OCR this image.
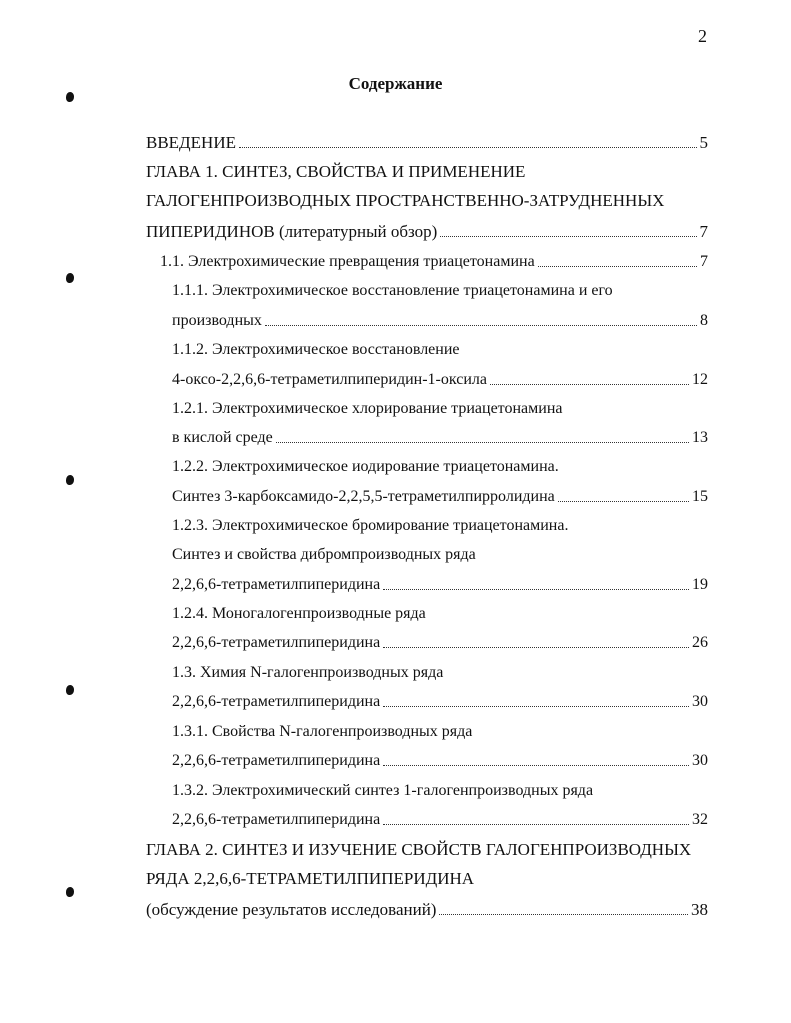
2
Содержание
ВВЕДЕНИЕ	5
ГЛАВА 1. СИНТЕЗ, СВОЙСТВА И ПРИМЕНЕНИЕ
ГАЛОГЕНПРОИЗВОДНЫХ ПРОСТРАНСТВЕННО-ЗАТРУДНЕННЫХ
ПИПЕРИДИНОВ (литературный обзор)	7
1.1. Электрохимические превращения триацетонамина	7
1.1.1. Электрохимическое восстановление триацетонамина и его
производных	8
1.1.2. Электрохимическое восстановление
4-оксо-2,2,6,6-тетраметилпиперидин-1-оксила	12
1.2.1. Электрохимическое хлорирование триацетонамина
в кислой среде	13
1.2.2. Электрохимическое иодирование триацетонамина.
Синтез 3-карбоксамидо-2,2,5,5-тетраметилпирролидина	15
1.2.3. Электрохимическое бромирование триацетонамина.
Синтез и свойства дибромпроизводных ряда
2,2,6,6-тетраметилпиперидина	19
1.2.4. Моногалогенпроизводные ряда
2,2,6,6-тетраметилпиперидина	26
1.3. Химия N-галогенпроизводных ряда
2,2,6,6-тетраметилпиперидина	30
1.3.1. Свойства N-галогенпроизводных ряда
2,2,6,6-тетраметилпиперидина	30
1.3.2. Электрохимический синтез 1-галогенпроизводных ряда
2,2,6,6-тетраметилпиперидина	32
ГЛАВА 2. СИНТЕЗ И ИЗУЧЕНИЕ СВОЙСТВ ГАЛОГЕНПРОИЗВОДНЫХ
РЯДА 2,2,6,6-ТЕТРАМЕТИЛПИПЕРИДИНА
(обсуждение результатов исследований)	38
